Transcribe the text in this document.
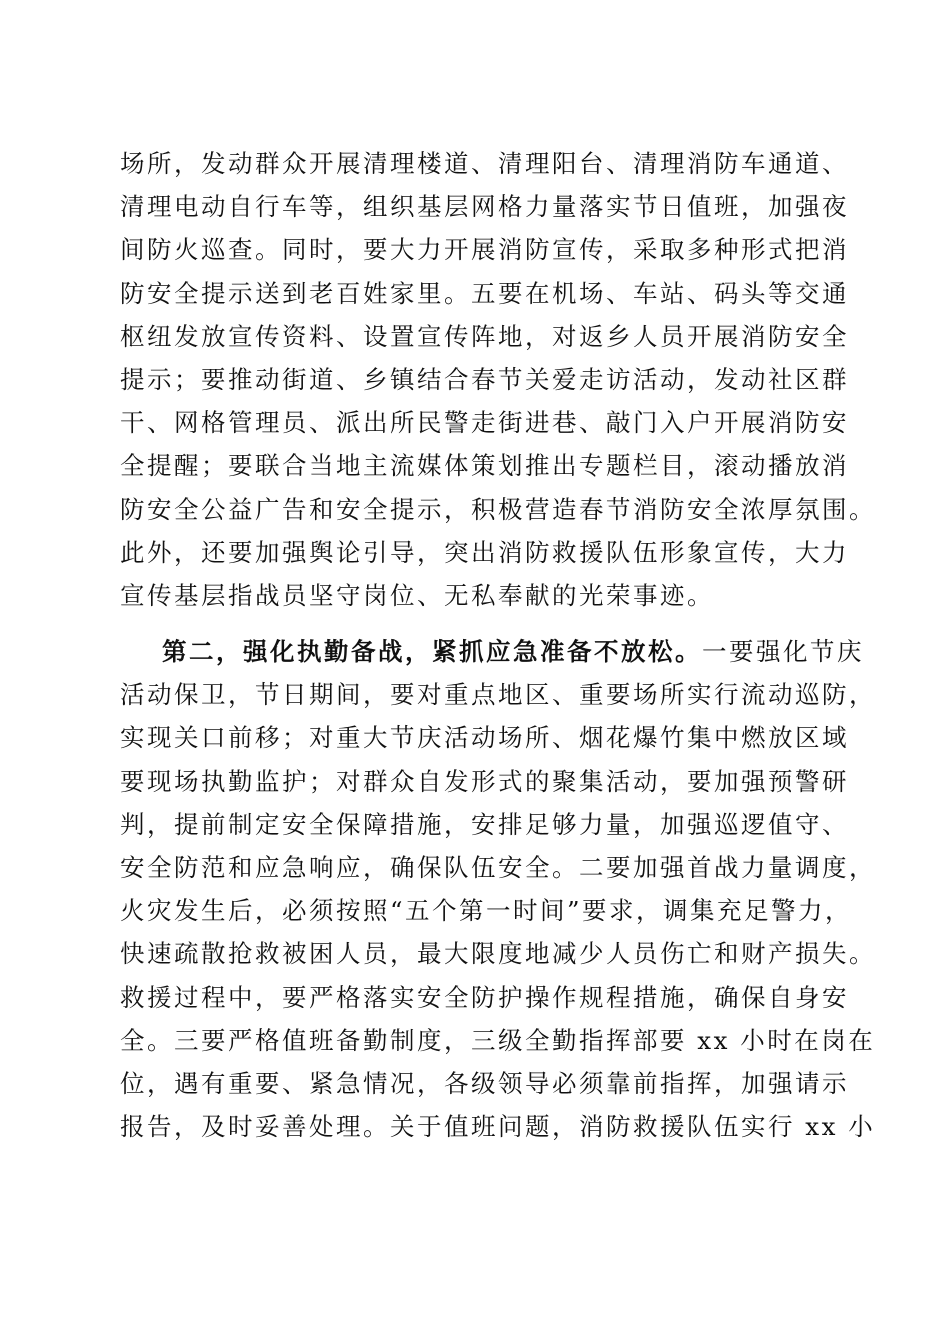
场所，发动群众开展清理楼道、清理阳台、清理消防车通道、
清理电动自行车等，组织基层网格力量落实节日值班，加强夜
间防火巡查。同时，要大力开展消防宣传，采取多种形式把消
防安全提示送到老百姓家里。五要在机场、车站、码头等交通
枢纽发放宣传资料、设置宣传阵地，对返乡人员开展消防安全
提示；要推动街道、乡镇结合春节关爱走访活动，发动社区群
干、网格管理员、派出所民警走街进巷、敲门入户开展消防安
全提醒；要联合当地主流媒体策划推出专题栏目，滚动播放消
防安全公益广告和安全提示，积极营造春节消防安全浓厚氛围。
此外，还要加强舆论引导，突出消防救援队伍形象宣传，大力
宣传基层指战员坚守岗位、无私奉献的光荣事迹。
第二，强化执勤备战，紧抓应急准备不放松。一要强化节庆
活动保卫，节日期间，要对重点地区、重要场所实行流动巡防，
实现关口前移；对重大节庆活动场所、烟花爆竹集中燃放区域
要现场执勤监护；对群众自发形式的聚集活动，要加强预警研
判，提前制定安全保障措施，安排足够力量，加强巡逻值守、
安全防范和应急响应，确保队伍安全。二要加强首战力量调度，
火灾发生后，必须按照“五个第一时间”要求，调集充足警力，
快速疏散抢救被困人员，最大限度地减少人员伤亡和财产损失。
救援过程中，要严格落实安全防护操作规程措施，确保自身安
全。三要严格值班备勤制度，三级全勤指挥部要 xx 小时在岗在
位，遇有重要、紧急情况，各级领导必须靠前指挥，加强请示
报告，及时妥善处理。关于值班问题，消防救援队伍实行 xx 小
